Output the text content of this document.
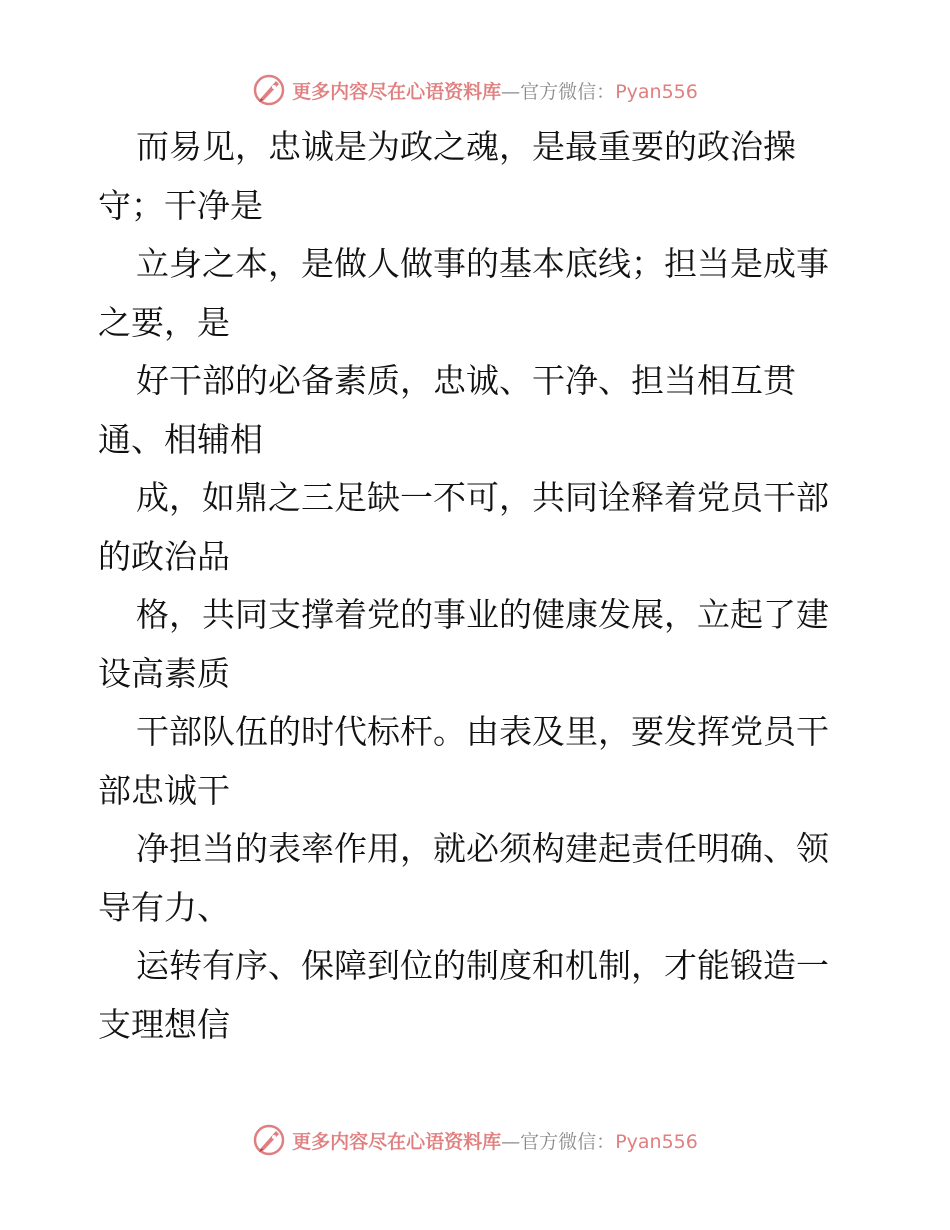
更多内容尽在心语资料库—官方微信：Pyan556
而易见，忠诚是为政之魂，是最重要的政治操
守；干净是
立身之本，是做人做事的基本底线；担当是成事
之要，是
好干部的必备素质，忠诚、干净、担当相互贯
通、相辅相
成，如鼎之三足缺一不可，共同诠释着党员干部
的政治品
格，共同支撑着党的事业的健康发展，立起了建
设高素质
干部队伍的时代标杆。由表及里，要发挥党员干
部忠诚干
净担当的表率作用，就必须构建起责任明确、领
导有力、
运转有序、保障到位的制度和机制，才能锻造一
支理想信
更多内容尽在心语资料库—官方微信：Pyan556
